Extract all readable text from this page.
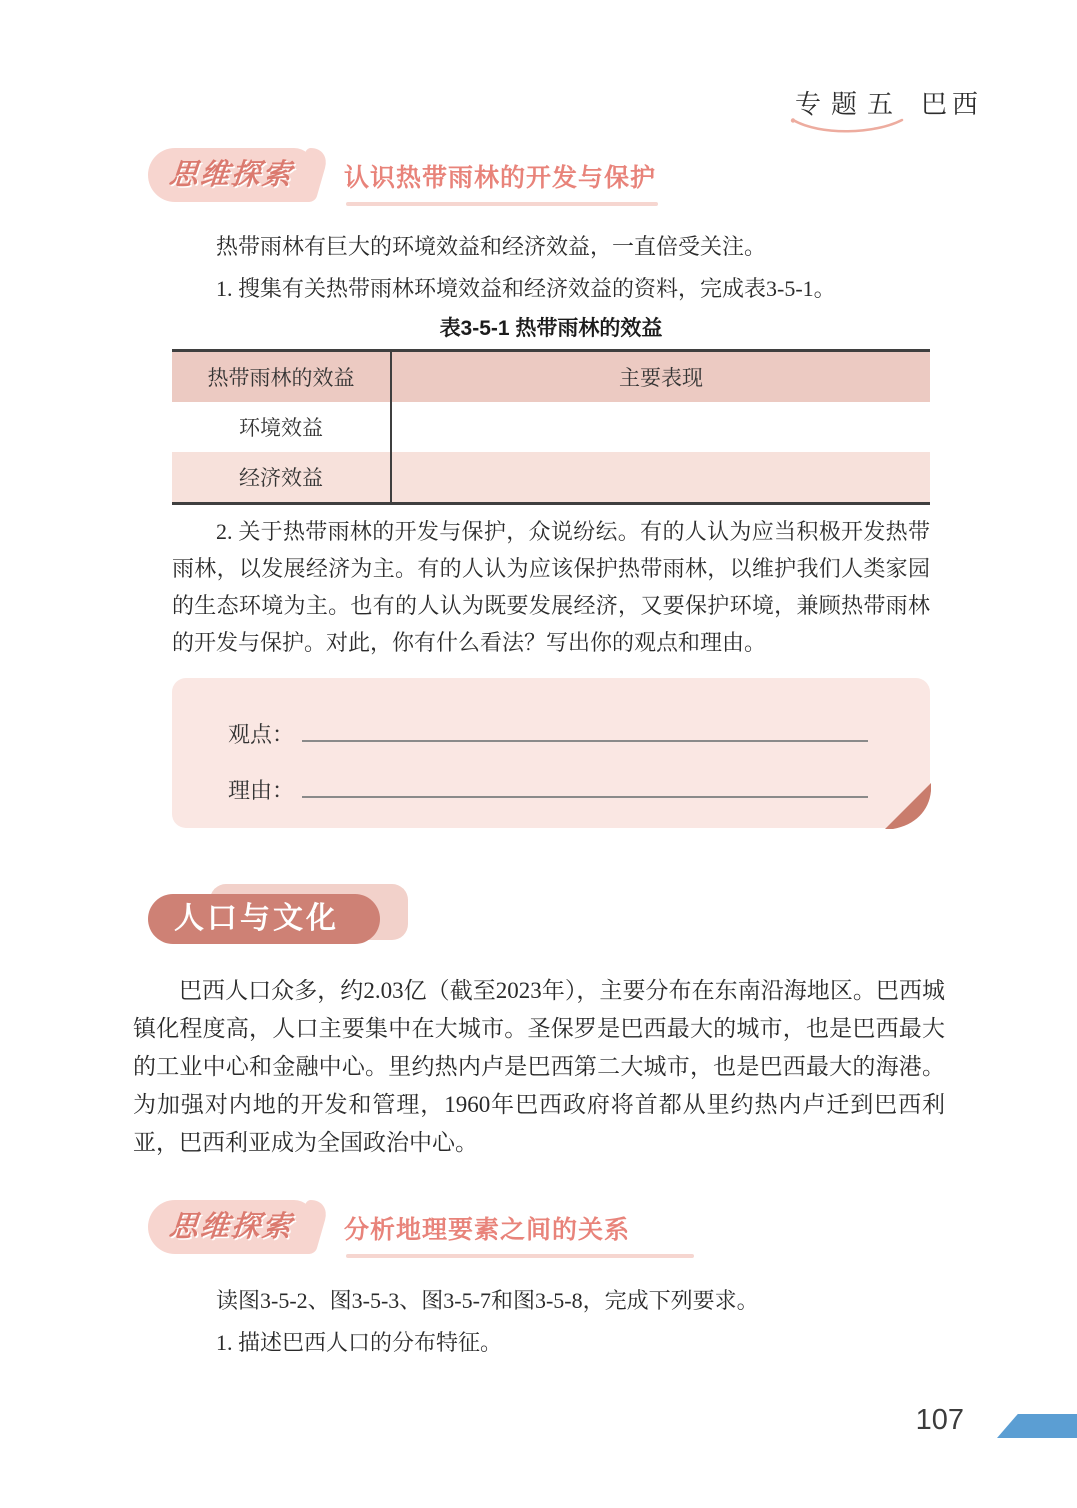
专题五 巴西
思维探索	认识热带雨林的开发与保护

热带雨林有巨大的环境效益和经济效益，一直倍受关注。

1. 搜集有关热带雨林环境效益和经济效益的资料，完成表3-5-1。

表3-5-1 热带雨林的效益
热带雨林的效益	主要表现
环境效益
经济效益

2. 关于热带雨林的开发与保护，众说纷纭。有的人认为应当积极开发热带雨林，以发展经济为主。有的人认为应该保护热带雨林，以维护我们人类家园的生态环境为主。也有的人认为既要发展经济，又要保护环境，兼顾热带雨林的开发与保护。对此，你有什么看法？写出你的观点和理由。

观点：
理由：
人口与文化

巴西人口众多，约2.03亿（截至2023年），主要分布在东南沿海地区。巴西城镇化程度高，人口主要集中在大城市。圣保罗是巴西最大的城市，也是巴西最大的工业中心和金融中心。里约热内卢是巴西第二大城市，也是巴西最大的海港。为加强对内地的开发和管理，1960年巴西政府将首都从里约热内卢迁到巴西利亚，巴西利亚成为全国政治中心。

思维探索	分析地理要素之间的关系

读图3-5-2、图3-5-3、图3-5-7和图3-5-8，完成下列要求。

1. 描述巴西人口的分布特征。

107
